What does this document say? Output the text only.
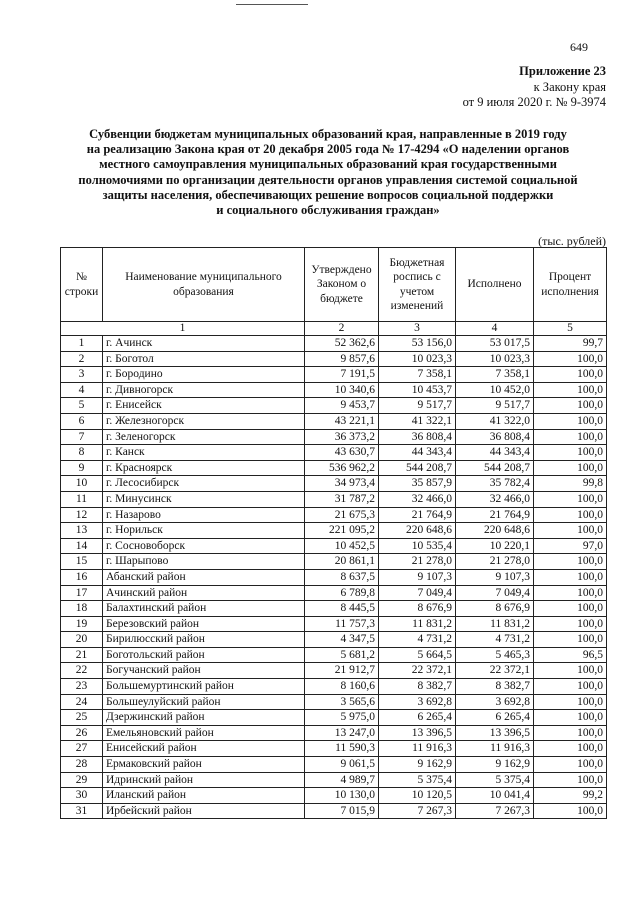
649
Приложение 23
к Закону края
от 9 июля 2020 г. № 9-3974
Субвенции бюджетам муниципальных образований края, направленные в 2019 году
на реализацию Закона края от 20 декабря 2005 года № 17-4294 «О наделении органов
местного самоуправления муниципальных образований края государственными
полномочиями по организации деятельности органов управления системой социальной
защиты населения, обеспечивающих решение вопросов социальной поддержки
и социального обслуживания граждан»
(тыс. рублей)
№ строки	Наименование муниципального образования	Утверждено Законом о бюджете	Бюджетная роспись с учетом изменений	Исполнено	Процент исполнения
1		2	3	4	5
1	г. Ачинск	52 362,6	53 156,0	53 017,5	99,7
2	г. Боготол	9 857,6	10 023,3	10 023,3	100,0
3	г. Бородино	7 191,5	7 358,1	7 358,1	100,0
4	г. Дивногорск	10 340,6	10 453,7	10 452,0	100,0
5	г. Енисейск	9 453,7	9 517,7	9 517,7	100,0
6	г. Железногорск	43 221,1	41 322,1	41 322,0	100,0
7	г. Зеленогорск	36 373,2	36 808,4	36 808,4	100,0
8	г. Канск	43 630,7	44 343,4	44 343,4	100,0
9	г. Красноярск	536 962,2	544 208,7	544 208,7	100,0
10	г. Лесосибирск	34 973,4	35 857,9	35 782,4	99,8
11	г. Минусинск	31 787,2	32 466,0	32 466,0	100,0
12	г. Назарово	21 675,3	21 764,9	21 764,9	100,0
13	г. Норильск	221 095,2	220 648,6	220 648,6	100,0
14	г. Сосновоборск	10 452,5	10 535,4	10 220,1	97,0
15	г. Шарыпово	20 861,1	21 278,0	21 278,0	100,0
16	Абанский район	8 637,5	9 107,3	9 107,3	100,0
17	Ачинский район	6 789,8	7 049,4	7 049,4	100,0
18	Балахтинский район	8 445,5	8 676,9	8 676,9	100,0
19	Березовский район	11 757,3	11 831,2	11 831,2	100,0
20	Бирилюсский район	4 347,5	4 731,2	4 731,2	100,0
21	Боготольский район	5 681,2	5 664,5	5 465,3	96,5
22	Богучанский район	21 912,7	22 372,1	22 372,1	100,0
23	Большемуртинский район	8 160,6	8 382,7	8 382,7	100,0
24	Большеулуйский район	3 565,6	3 692,8	3 692,8	100,0
25	Дзержинский район	5 975,0	6 265,4	6 265,4	100,0
26	Емельяновский район	13 247,0	13 396,5	13 396,5	100,0
27	Енисейский район	11 590,3	11 916,3	11 916,3	100,0
28	Ермаковский район	9 061,5	9 162,9	9 162,9	100,0
29	Идринский район	4 989,7	5 375,4	5 375,4	100,0
30	Иланский район	10 130,0	10 120,5	10 041,4	99,2
31	Ирбейский район	7 015,9	7 267,3	7 267,3	100,0
